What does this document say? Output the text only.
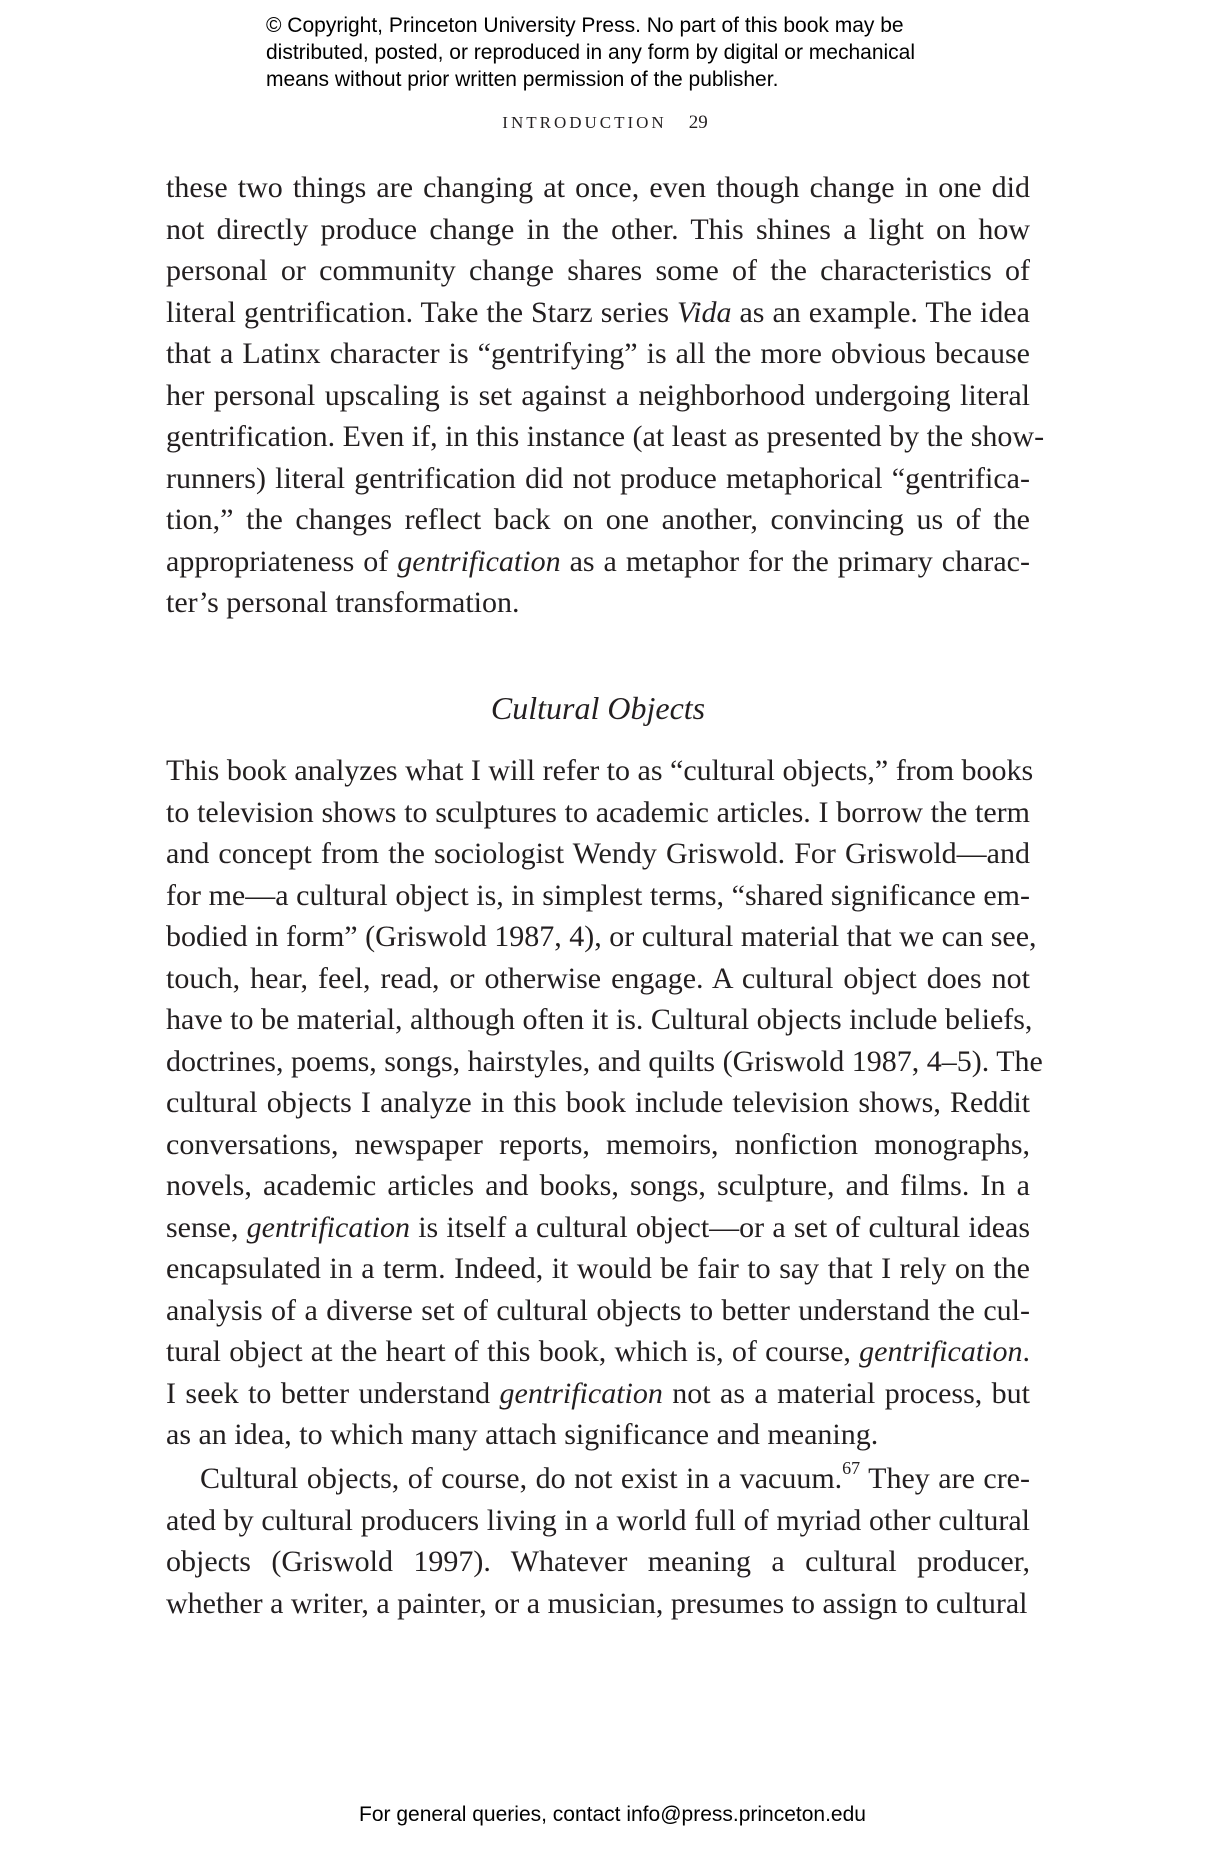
© Copyright, Princeton University Press. No part of this book may be

distributed, posted, or reproduced in any form by digital or mechanical

means without prior written permission of the publisher.

INTRODUCTION 29
these two things are changing at once, even though change in one did
not directly produce change in the other. This shines a light on how
personal or community change shares some of the characteristics of
literal gentrification. Take the Starz series Vida as an example. The idea
that a Latinx character is “gentrifying” is all the more obvious because
her personal upscaling is set against a neighborhood undergoing literal
gentrification. Even if, in this instance (at least as presented by the show-
runners) literal gentrification did not produce metaphorical “gentrifica-
tion,” the changes reflect back on one another, convincing us of the
appropriateness of gentrification as a metaphor for the primary charac-
ter’s personal transformation.
Cultural Objects
This book analyzes what I will refer to as “cultural objects,” from books
to television shows to sculptures to academic articles. I borrow the term
and concept from the sociologist Wendy Griswold. For Griswold—and
for me—a cultural object is, in simplest terms, “shared significance em-
bodied in form” (Griswold 1987, 4), or cultural material that we can see,
touch, hear, feel, read, or otherwise engage. A cultural object does not
have to be material, although often it is. Cultural objects include beliefs,
doctrines, poems, songs, hairstyles, and quilts (Griswold 1987, 4–5). The
cultural objects I analyze in this book include television shows, Reddit
conversations, newspaper reports, memoirs, nonfiction monographs,
novels, academic articles and books, songs, sculpture, and films. In a
sense, gentrification is itself a cultural object—or a set of cultural ideas
encapsulated in a term. Indeed, it would be fair to say that I rely on the
analysis of a diverse set of cultural objects to better understand the cul-
tural object at the heart of this book, which is, of course, gentrification.
I seek to better understand gentrification not as a material process, but
as an idea, to which many attach significance and meaning.
Cultural objects, of course, do not exist in a vacuum.$^{67}$ They are cre-
ated by cultural producers living in a world full of myriad other cultural
objects (Griswold 1997). Whatever meaning a cultural producer,
whether a writer, a painter, or a musician, presumes to assign to cultural
For general queries, contact info@press.princeton.edu
